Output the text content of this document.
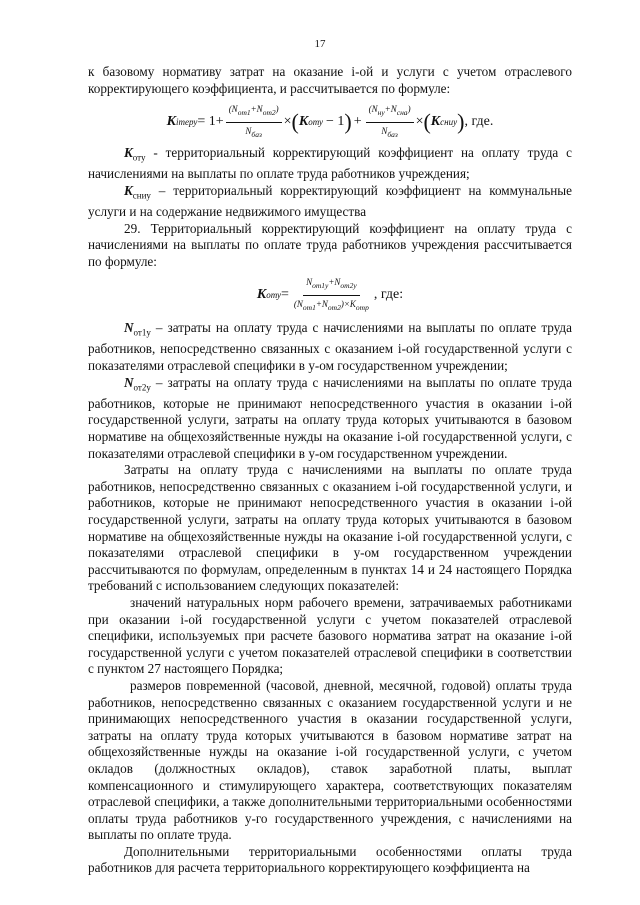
17

к базовому нормативу затрат на оказание i-ой и услуги с учетом отраслевого корректирующего коэффициента, и рассчитывается по формуле:

K i теру = $1+ \frac{(N_{от1}+N_{от2})}{N_{баз}}$ × ( K оту − 1 ) + $\frac{(N_{ну}+N_{сна})}{N_{баз}}$ × ( K сниу ) , где.

$K_{оту}$ - территориальный корректирующий коэффициент на оплату труда с начислениями на выплаты по оплате труда работников учреждения;

$K_{сниу}$ – территориальный корректирующий коэффициент на коммунальные услуги и на содержание недвижимого имущества

29. Территориальный корректирующий коэффициент на оплату труда с начислениями на выплаты по оплате труда работников учреждения рассчитывается по формуле:

K оту = $\frac{N_{от1у}+N_{от2у}}{(N_{от1}+N_{от2})\times K_{отр}}$ , где:

$N_{от1у}$ – затраты на оплату труда с начислениями на выплаты по оплате труда работников, непосредственно связанных с оказанием i-ой государственной услуги с показателями отраслевой специфики в у-ом государственном учреждении;

$N_{от2у}$ – затраты на оплату труда с начислениями на выплаты по оплате труда работников, которые не принимают непосредственного участия в оказании i-ой государственной услуги, затраты на оплату труда которых учитываются в базовом нормативе на общехозяйственные нужды на оказание i-ой государственной услуги, с показателями отраслевой специфики в у-ом государственном учреждении.

Затраты на оплату труда с начислениями на выплаты по оплате труда работников, непосредственно связанных с оказанием i-ой государственной услуги, и работников, которые не принимают непосредственного участия в оказании i-ой государственной услуги, затраты на оплату труда которых учитываются в базовом нормативе на общехозяйственные нужды на оказание i-ой государственной услуги, с показателями отраслевой специфики в у-ом государственном учреждении рассчитываются по формулам, определенным в пунктах 14 и 24 настоящего Порядка требований с использованием следующих показателей:

значений натуральных норм рабочего времени, затрачиваемых работниками при оказании i-ой государственной услуги с учетом показателей отраслевой специфики, используемых при расчете базового норматива затрат на оказание i-ой государственной услуги с учетом показателей отраслевой специфики в соответствии с пунктом 27 настоящего Порядка;

размеров повременной (часовой, дневной, месячной, годовой) оплаты труда работников, непосредственно связанных с оказанием государственной услуги и не принимающих непосредственного участия в оказании государственной услуги, затраты на оплату труда которых учитываются в базовом нормативе затрат на общехозяйственные нужды на оказание i-ой государственной услуги, с учетом окладов (должностных окладов), ставок заработной платы, выплат компенсационного и стимулирующего характера, соответствующих показателям отраслевой специфики, а также дополнительными территориальными особенностями оплаты труда работников у-го государственного учреждения, с начислениями на выплаты по оплате труда.

Дополнительными территориальными особенностями оплаты труда работников для расчета территориального корректирующего коэффициента на
